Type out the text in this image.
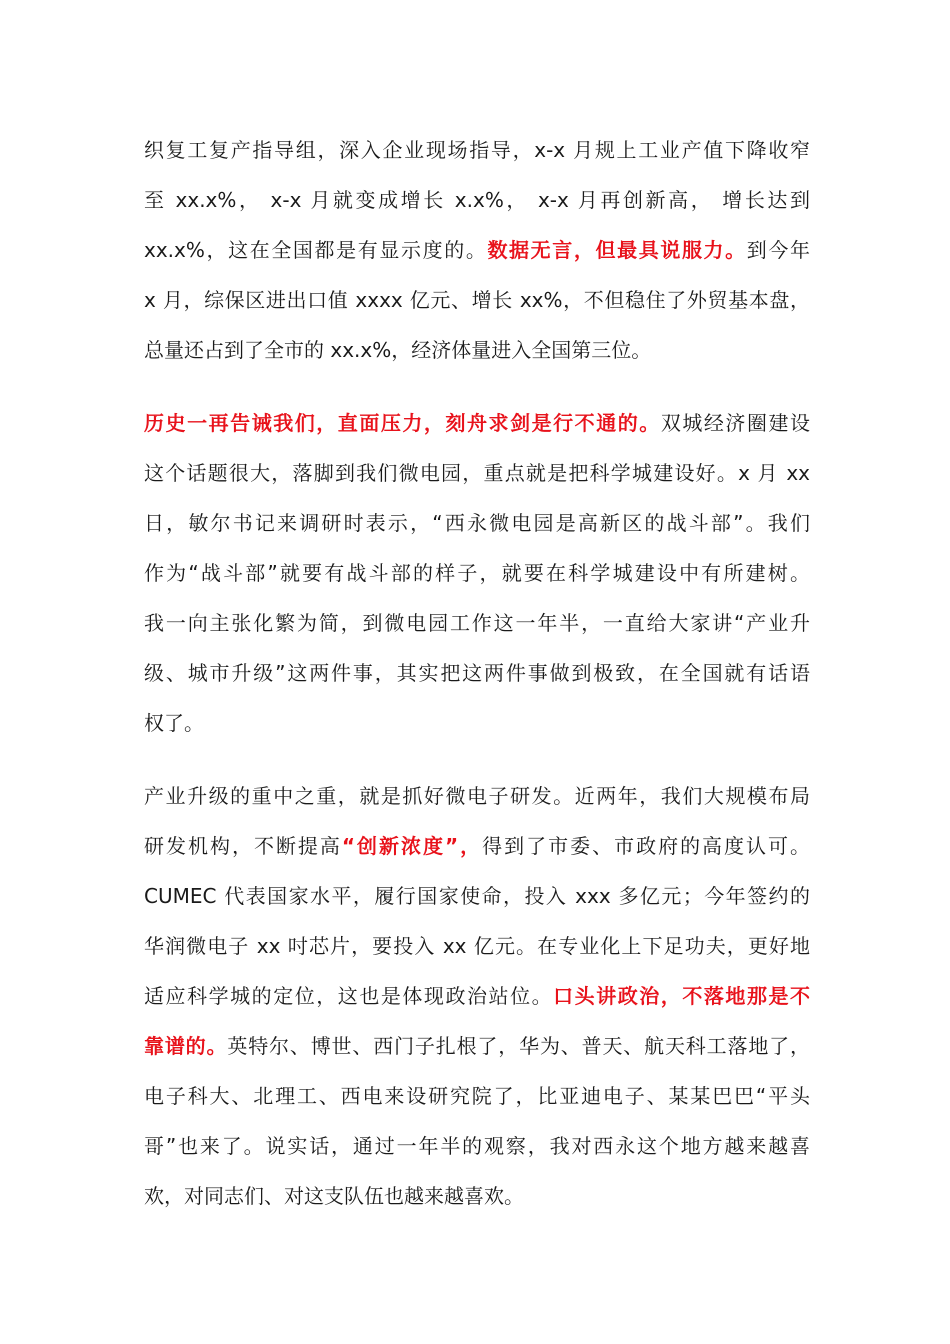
织复工复产指导组，深入企业现场指导，x-x 月规上工业产值下降收窄
至 xx.x%， x-x 月就变成增长 x.x%， x-x 月再创新高， 增长达到
xx.x%，这在全国都是有显示度的。数据无言，但最具说服力。到今年
x 月，综保区进出口值 xxxx 亿元、增长 xx%，不但稳住了外贸基本盘，
总量还占到了全市的 xx.x%，经济体量进入全国第三位。
历史一再告诫我们，直面压力，刻舟求剑是行不通的。双城经济圈建设
这个话题很大，落脚到我们微电园，重点就是把科学城建设好。x 月 xx
日，敏尔书记来调研时表示，“西永微电园是高新区的战斗部”。我们
作为“战斗部”就要有战斗部的样子，就要在科学城建设中有所建树。
我一向主张化繁为简，到微电园工作这一年半，一直给大家讲“产业升
级、城市升级”这两件事，其实把这两件事做到极致，在全国就有话语
权了。
产业升级的重中之重，就是抓好微电子研发。近两年，我们大规模布局
研发机构，不断提高“创新浓度”，得到了市委、市政府的高度认可。
CUMEC 代表国家水平，履行国家使命，投入 xxx 多亿元；今年签约的
华润微电子 xx 吋芯片，要投入 xx 亿元。在专业化上下足功夫，更好地
适应科学城的定位，这也是体现政治站位。口头讲政治，不落地那是不
靠谱的。英特尔、博世、西门子扎根了，华为、普天、航天科工落地了，
电子科大、北理工、西电来设研究院了，比亚迪电子、某某巴巴“平头
哥”也来了。说实话，通过一年半的观察，我对西永这个地方越来越喜
欢，对同志们、对这支队伍也越来越喜欢。
